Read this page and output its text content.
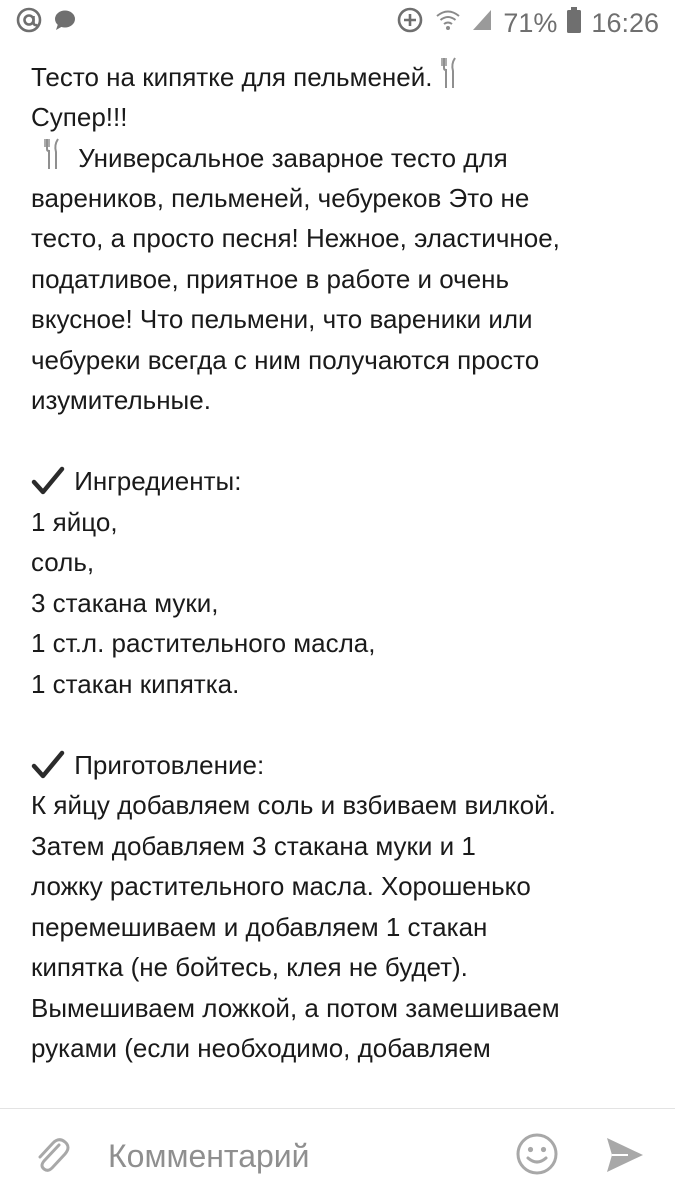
71% 16:26
Тесто на кипятке для пельменей.
Супер!!!
Универсальное заварное тесто для
вареников, пельменей, чебуреков Это не
тесто, а просто песня! Нежное, эластичное,
податливое, приятное в работе и очень
вкусное! Что пельмени, что вареники или
чебуреки всегда с ним получаются просто
изумительные.
Ингредиенты:
1 яйцо,
соль,
3 стакана муки,
1 ст.л. растительного масла,
1 стакан кипятка.
Приготовление:
К яйцу добавляем соль и взбиваем вилкой.
Затем добавляем 3 стакана муки и 1
ложку растительного масла. Хорошенько
перемешиваем и добавляем 1 стакан
кипятка (не бойтесь, клея не будет).
Вымешиваем ложкой, а потом замешиваем
руками (если необходимо, добавляем
Комментарий
